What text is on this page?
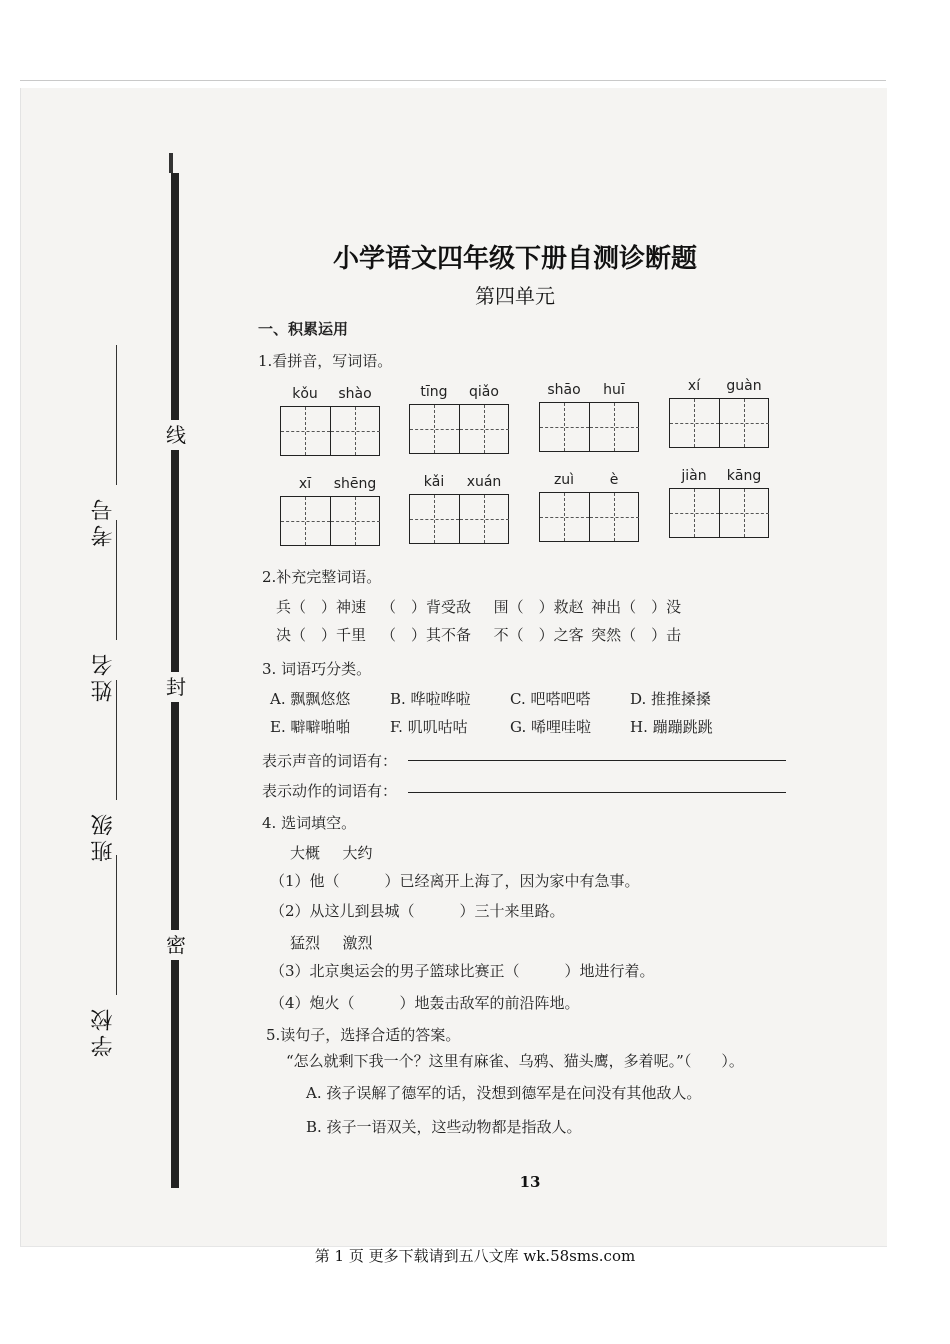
线
封
密
考号
姓名
班级
学校
小学语文四年级下册自测诊断题
第四单元
一、积累运用
1.看拼音，写词语。
kǒu	shào	tīng	qiǎo	shāo	huī	xí	guàn
xī	shēng	kǎi	xuán	zuì	è	jiàn	kāng
2.补充完整词语。
兵（  ）神速  （  ）背受敌   围（  ）救赵  神出（  ）没
决（  ）千里  （  ）其不备   不（  ）之客  突然（  ）击
3. 词语巧分类。
A. 飘飘悠悠	B. 哗啦哗啦	C. 吧嗒吧嗒	D. 推推搡搡
E. 噼噼啪啪	F. 叽叽咕咕	G. 唏哩哇啦	H. 蹦蹦跳跳
表示声音的词语有：
表示动作的词语有：
4. 选词填空。
大概   大约
（1）他（　　　）已经离开上海了，因为家中有急事。
（2）从这儿到县城（　　　）三十来里路。
猛烈   激烈
（3）北京奥运会的男子篮球比赛正（　　　）地进行着。
（4）炮火（　　　）地轰击敌军的前沿阵地。
5.读句子，选择合适的答案。
“怎么就剩下我一个？这里有麻雀、乌鸦、猫头鹰，多着呢。”（　　）。
A. 孩子误解了德军的话，没想到德军是在问没有其他敌人。
B. 孩子一语双关，这些动物都是指敌人。
13
第 1 页 更多下载请到五八文库 wk.58sms.com
